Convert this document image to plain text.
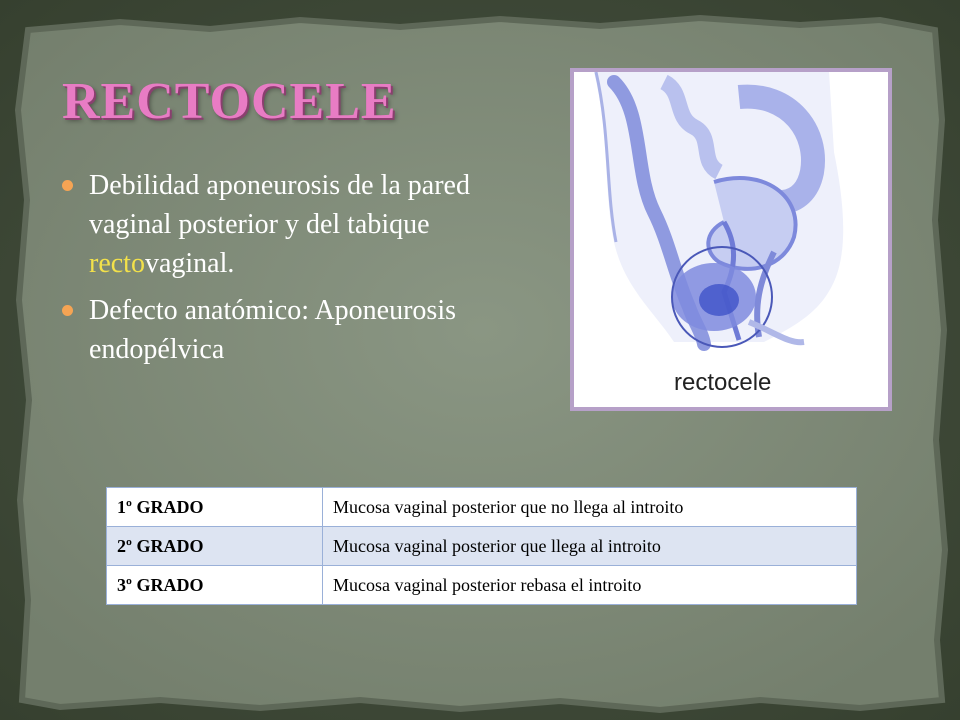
RECTOCELE
Debilidad aponeurosis de la pared vaginal posterior y del tabique rectovaginal.
Defecto anatómico: Aponeurosis endopélvica
rectocele
1º GRADO	Mucosa vaginal posterior que no llega al introito
2º GRADO	Mucosa vaginal posterior que llega al introito
3º GRADO	Mucosa vaginal posterior rebasa el introito
